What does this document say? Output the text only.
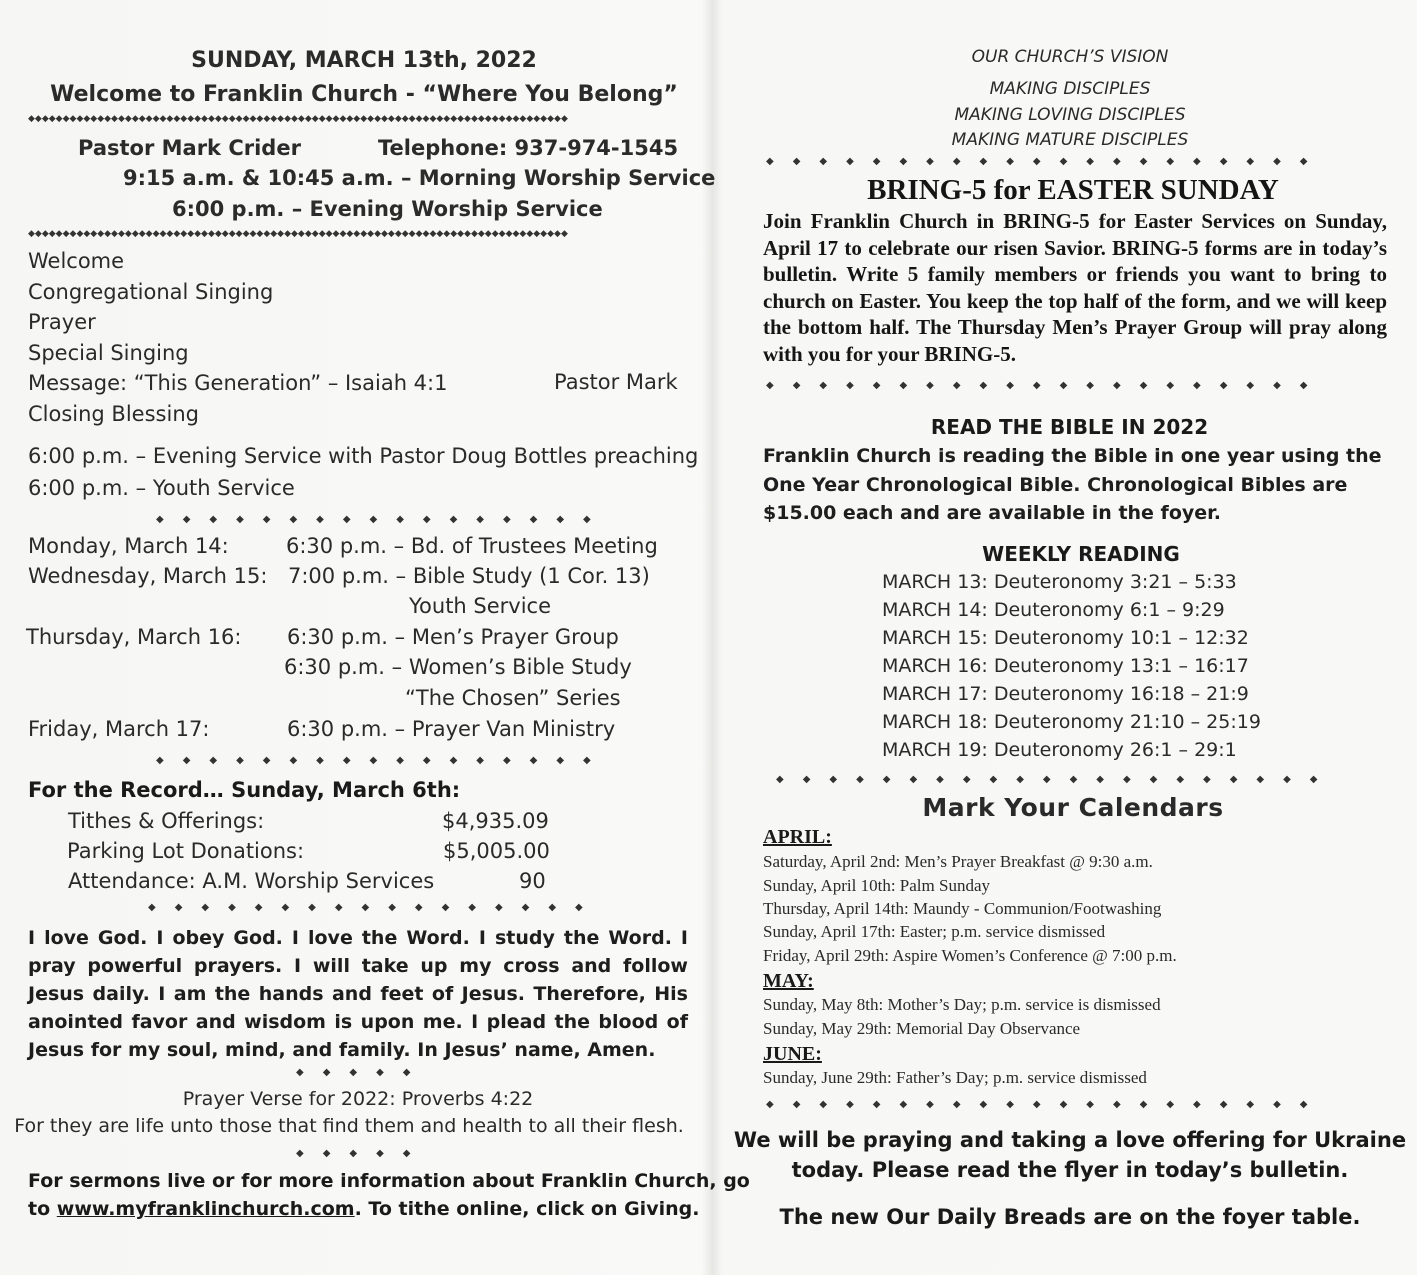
SUNDAY, MARCH 13th, 2022
Welcome to Franklin Church - “Where You Belong”
◆◆◆◆◆◆◆◆◆◆◆◆◆◆◆◆◆◆◆◆◆◆◆◆◆◆◆◆◆◆◆◆◆◆◆◆◆◆◆◆◆◆◆◆◆◆◆◆◆◆◆◆◆◆◆◆◆◆◆◆◆◆◆◆◆◆◆◆◆◆◆◆◆◆◆◆◆◆
Pastor Mark Crider	Telephone: 937-974-1545
9:15 a.m. & 10:45 a.m. – Morning Worship Service
6:00 p.m. – Evening Worship Service
◆◆◆◆◆◆◆◆◆◆◆◆◆◆◆◆◆◆◆◆◆◆◆◆◆◆◆◆◆◆◆◆◆◆◆◆◆◆◆◆◆◆◆◆◆◆◆◆◆◆◆◆◆◆◆◆◆◆◆◆◆◆◆◆◆◆◆◆◆◆◆◆◆◆◆◆◆◆
Welcome
Congregational Singing
Prayer
Special Singing
Message: “This Generation” – Isaiah 4:1	Pastor Mark
Closing Blessing
6:00 p.m. – Evening Service with Pastor Doug Bottles preaching
6:00 p.m. – Youth Service
◆◆◆◆◆◆◆◆◆◆◆◆◆◆◆◆◆
Monday, March 14:	6:30 p.m. – Bd. of Trustees Meeting
Wednesday, March 15: 7:00 p.m. – Bible Study (1 Cor. 13)
Youth Service
Thursday, March 16: 6:30 p.m. – Men’s Prayer Group
6:30 p.m. – Women’s Bible Study
“The Chosen” Series
Friday, March 17:	6:30 p.m. – Prayer Van Ministry
◆◆◆◆◆◆◆◆◆◆◆◆◆◆◆◆◆
For the Record… Sunday, March 6th:
Tithes & Offerings:	$4,935.09
Parking Lot Donations:	$5,005.00
Attendance: A.M. Worship Services	90
◆◆◆◆◆◆◆◆◆◆◆◆◆◆◆◆◆
I love God. I obey God. I love the Word. I study the Word. I pray powerful prayers. I will take up my cross and follow Jesus daily. I am the hands and feet of Jesus. Therefore, His anointed favor and wisdom is upon me. I plead the blood of Jesus for my soul, mind, and family. In Jesus’ name, Amen.
◆◆◆◆◆
Prayer Verse for 2022: Proverbs 4:22
For they are life unto those that find them and health to all their flesh.
◆◆◆◆◆
For sermons live or for more information about Franklin Church, go
to www.myfranklinchurch.com. To tithe online, click on Giving.
OUR CHURCH’S VISION
MAKING DISCIPLES
MAKING LOVING DISCIPLES
MAKING MATURE DISCIPLES
◆◆◆◆◆◆◆◆◆◆◆◆◆◆◆◆◆◆◆◆◆
BRING-5 for EASTER SUNDAY
Join Franklin Church in BRING-5 for Easter Services on Sunday, April 17 to celebrate our risen Savior. BRING-5 forms are in today’s bulletin. Write 5 family members or friends you want to bring to church on Easter. You keep the top half of the form, and we will keep the bottom half. The Thursday Men’s Prayer Group will pray along with you for your BRING-5.
◆◆◆◆◆◆◆◆◆◆◆◆◆◆◆◆◆◆◆◆◆
READ THE BIBLE IN 2022
Franklin Church is reading the Bible in one year using the One Year Chronological Bible. Chronological Bibles are $15.00 each and are available in the foyer.
WEEKLY READING
MARCH 13: Deuteronomy 3:21 – 5:33
MARCH 14: Deuteronomy 6:1 – 9:29
MARCH 15: Deuteronomy 10:1 – 12:32
MARCH 16: Deuteronomy 13:1 – 16:17
MARCH 17: Deuteronomy 16:18 – 21:9
MARCH 18: Deuteronomy 21:10 – 25:19
MARCH 19: Deuteronomy 26:1 – 29:1
◆◆◆◆◆◆◆◆◆◆◆◆◆◆◆◆◆◆◆◆◆
Mark Your Calendars
APRIL:
Saturday, April 2nd: Men’s Prayer Breakfast @ 9:30 a.m.
Sunday, April 10th: Palm Sunday
Thursday, April 14th: Maundy - Communion/Footwashing
Sunday, April 17th: Easter; p.m. service dismissed
Friday, April 29th: Aspire Women’s Conference @ 7:00 p.m.
MAY:
Sunday, May 8th: Mother’s Day; p.m. service is dismissed
Sunday, May 29th: Memorial Day Observance
JUNE:
Sunday, June 29th: Father’s Day; p.m. service dismissed
◆◆◆◆◆◆◆◆◆◆◆◆◆◆◆◆◆◆◆◆◆
We will be praying and taking a love offering for Ukraine
today. Please read the flyer in today’s bulletin.
The new Our Daily Breads are on the foyer table.
